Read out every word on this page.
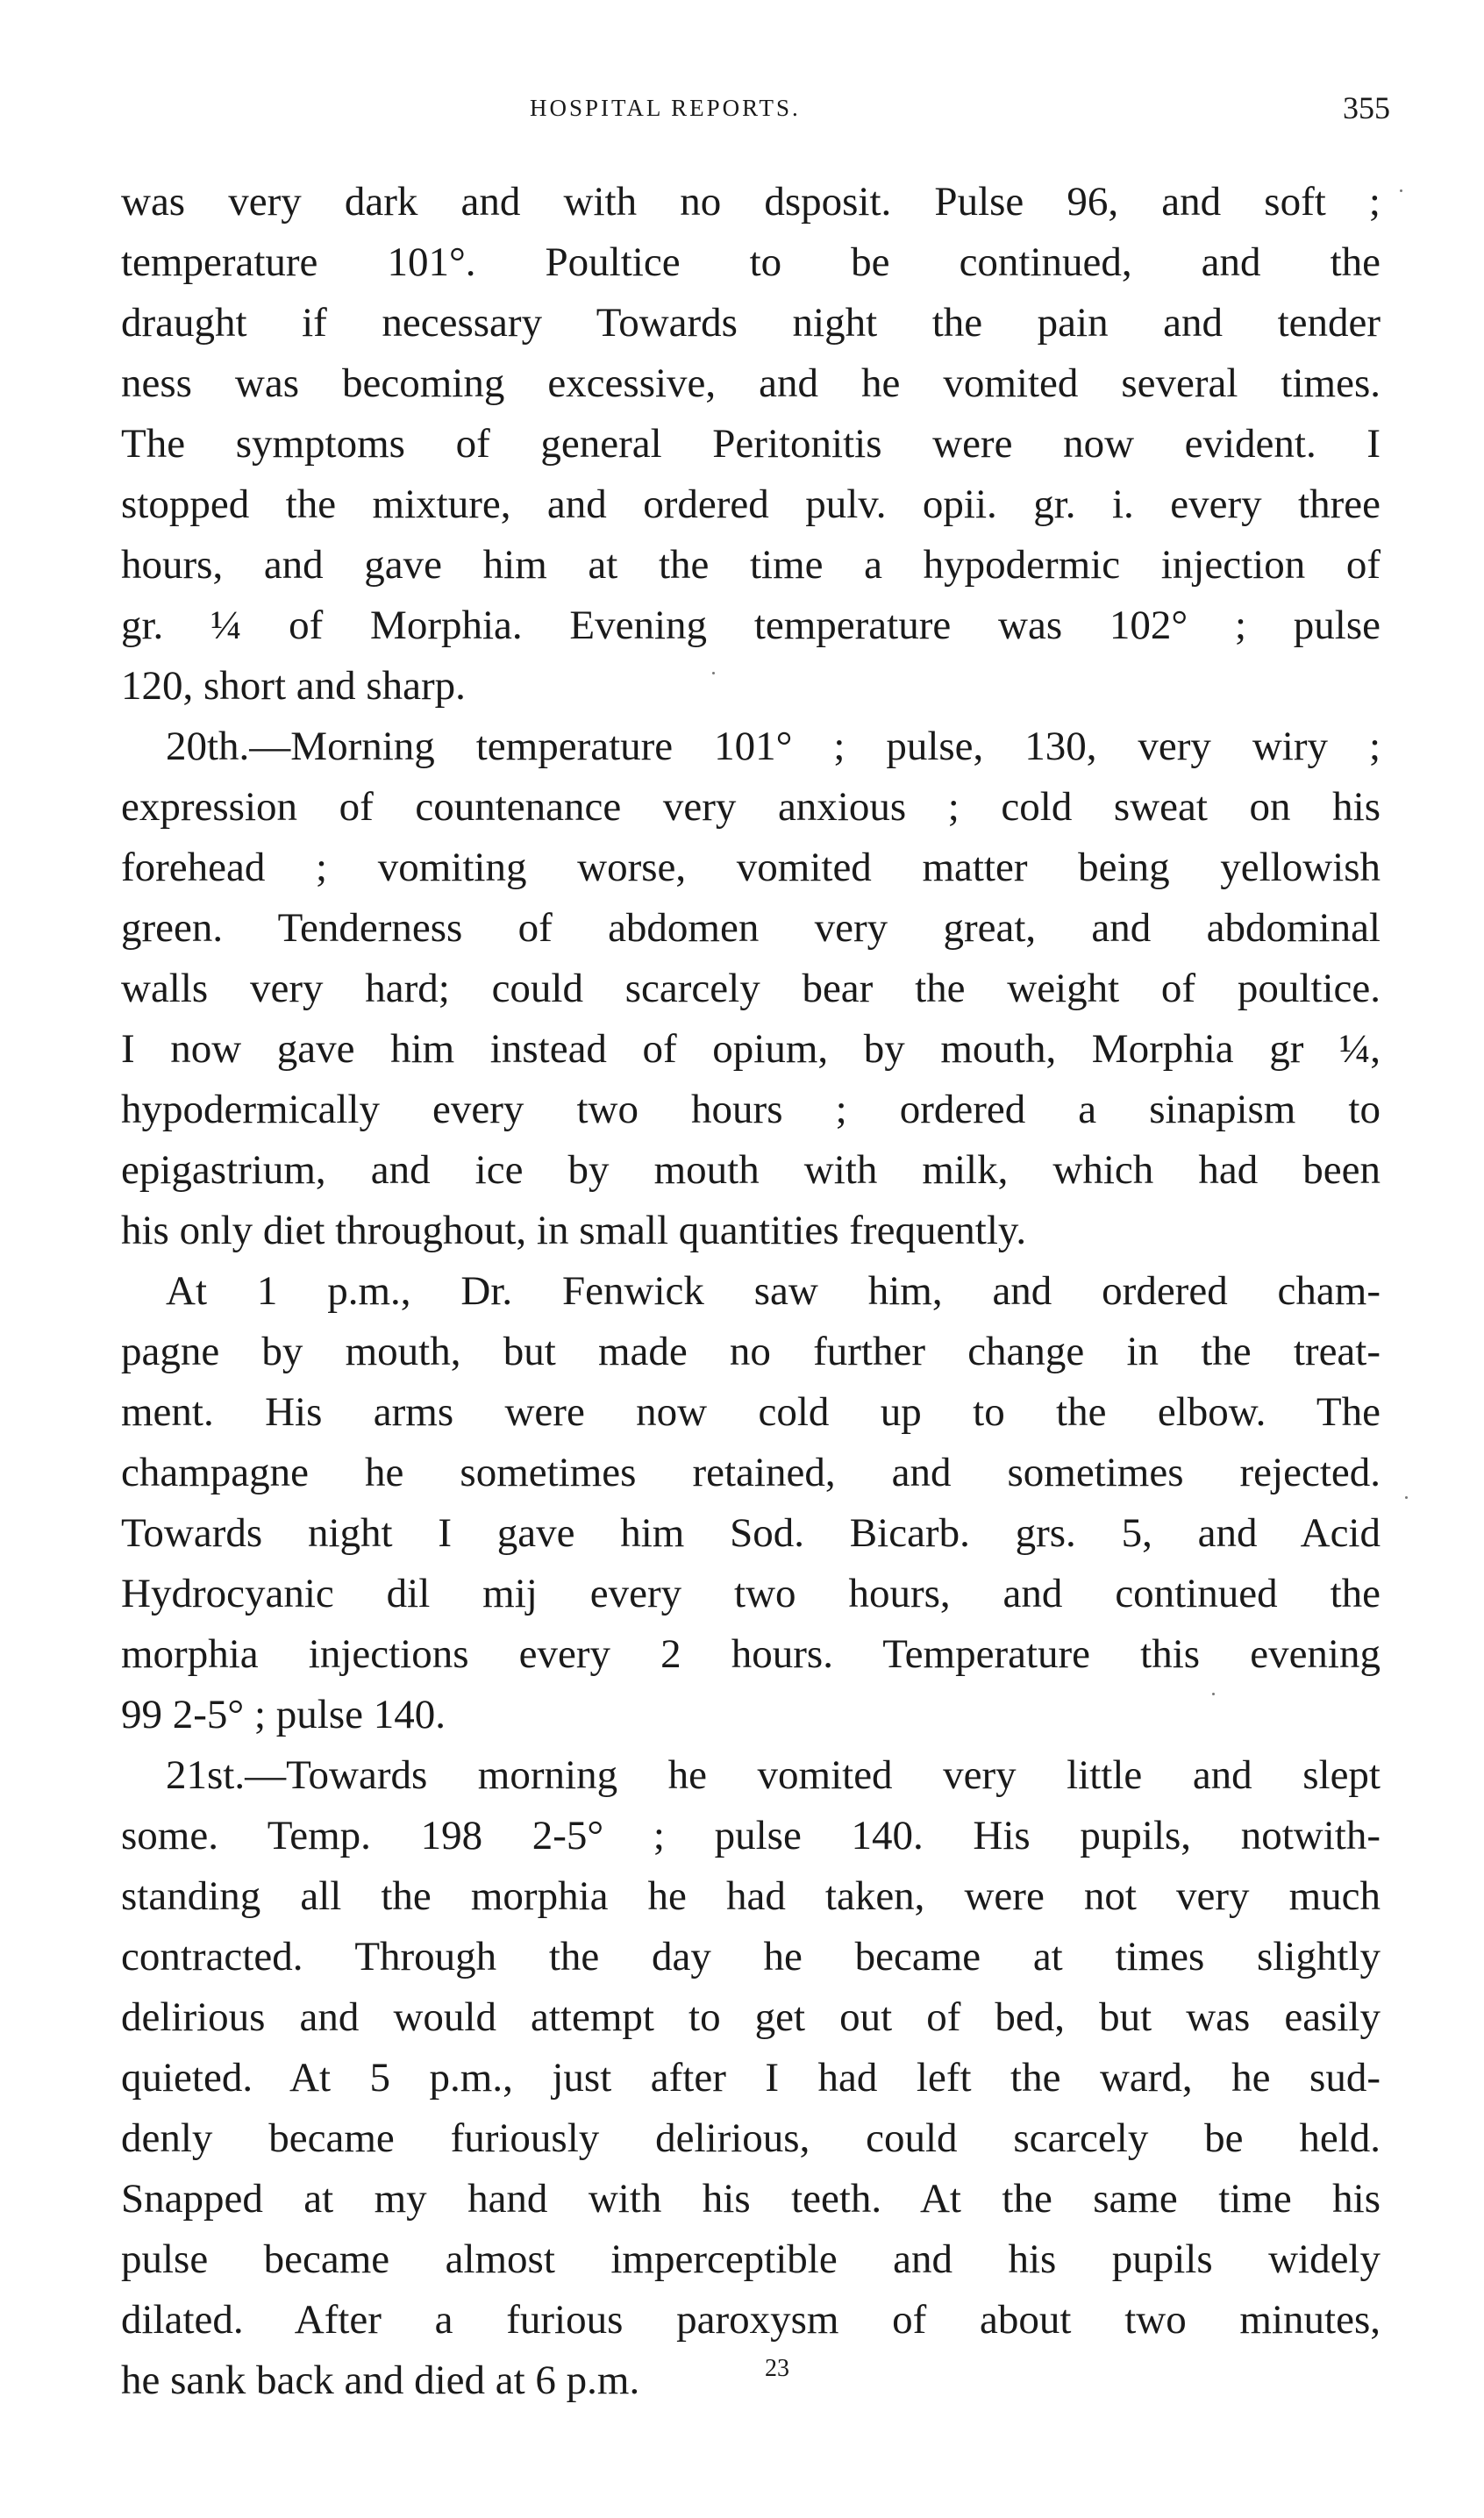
HOSPITAL REPORTS.	355
was very dark and with no dsposit. Pulse 96, and soft ;
temperature 101°. Poultice to be continued, and the
draught if necessary Towards night the pain and tender
ness was becoming excessive, and he vomited several times.
The symptoms of general Peritonitis were now evident. I
stopped the mixture, and ordered pulv. opii. gr. i. every three
hours, and gave him at the time a hypodermic injection of
gr. ¼ of Morphia. Evening temperature was 102° ; pulse
120, short and sharp.
20th.—Morning temperature 101° ; pulse, 130, very wiry ;
expression of countenance very anxious ; cold sweat on his
forehead ; vomiting worse, vomited matter being yellowish
green. Tenderness of abdomen very great, and abdominal
walls very hard; could scarcely bear the weight of poultice.
I now gave him instead of opium, by mouth, Morphia gr ¼,
hypodermically every two hours ; ordered a sinapism to
epigastrium, and ice by mouth with milk, which had been
his only diet throughout, in small quantities frequently.
At 1 p.m., Dr. Fenwick saw him, and ordered cham-
pagne by mouth, but made no further change in the treat-
ment. His arms were now cold up to the elbow. The
champagne he sometimes retained, and sometimes rejected.
Towards night I gave him Sod. Bicarb. grs. 5, and Acid
Hydrocyanic dil mij every two hours, and continued the
morphia injections every 2 hours. Temperature this evening
99 2-5° ; pulse 140.
21st.—Towards morning he vomited very little and slept
some. Temp. 198 2-5° ; pulse 140. His pupils, notwith-
standing all the morphia he had taken, were not very much
contracted. Through the day he became at times slightly
delirious and would attempt to get out of bed, but was easily
quieted. At 5 p.m., just after I had left the ward, he sud-
denly became furiously delirious, could scarcely be held.
Snapped at my hand with his teeth. At the same time his
pulse became almost imperceptible and his pupils widely
dilated. After a furious paroxysm of about two minutes,
he sank back and died at 6 p.m.	23
